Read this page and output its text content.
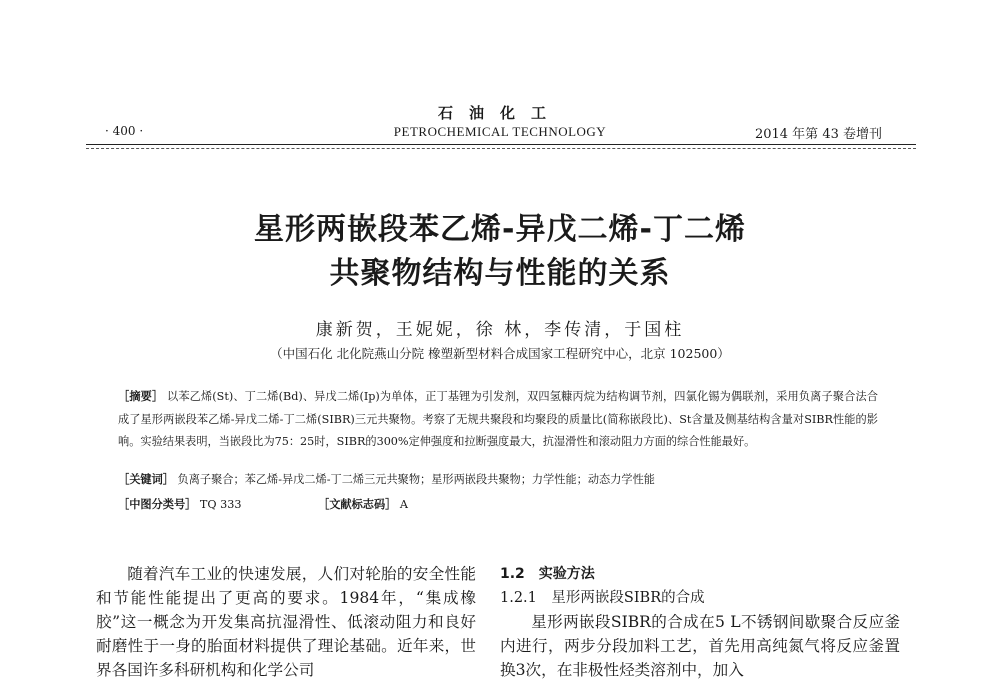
石油化工
PETROCHEMICAL TECHNOLOGY
· 400 ·	2014 年第 43 卷增刊
星形两嵌段苯乙烯-异戊二烯-丁二烯
共聚物结构与性能的关系
康新贺，王妮妮，徐 林，李传清，于国柱
（中国石化 北化院燕山分院 橡塑新型材料合成国家工程研究中心，北京 102500）
［摘要］ 以苯乙烯(St)、丁二烯(Bd)、异戊二烯(Ip)为单体，正丁基锂为引发剂，双四氢糠丙烷为结构调节剂，四氯化锡为偶联剂，采用负离子聚合法合成了星形两嵌段苯乙烯-异戊二烯-丁二烯(SIBR)三元共聚物。考察了无规共聚段和均聚段的质量比(简称嵌段比)、St含量及侧基结构含量对SIBR性能的影响。实验结果表明，当嵌段比为75：25时，SIBR的300%定伸强度和拉断强度最大，抗湿滑性和滚动阻力方面的综合性能最好。
［关键词］ 负离子聚合；苯乙烯-异戊二烯-丁二烯三元共聚物；星形两嵌段共聚物；力学性能；动态力学性能
［中图分类号］ TQ 333	［文献标志码］ A

随着汽车工业的快速发展，人们对轮胎的安全性能和节能性能提出了更高的要求。1984年，“集成橡胶”这一概念为开发集高抗湿滑性、低滚动阻力和良好耐磨性于一身的胎面材料提供了理论基础。近年来，世界各国许多科研机构和化学公司

1.2　实验方法

1.2.1　星形两嵌段SIBR的合成

星形两嵌段SIBR的合成在5 L不锈钢间歇聚合反应釜内进行，两步分段加料工艺，首先用高纯氮气将反应釜置换3次，在非极性烃类溶剂中，加入
